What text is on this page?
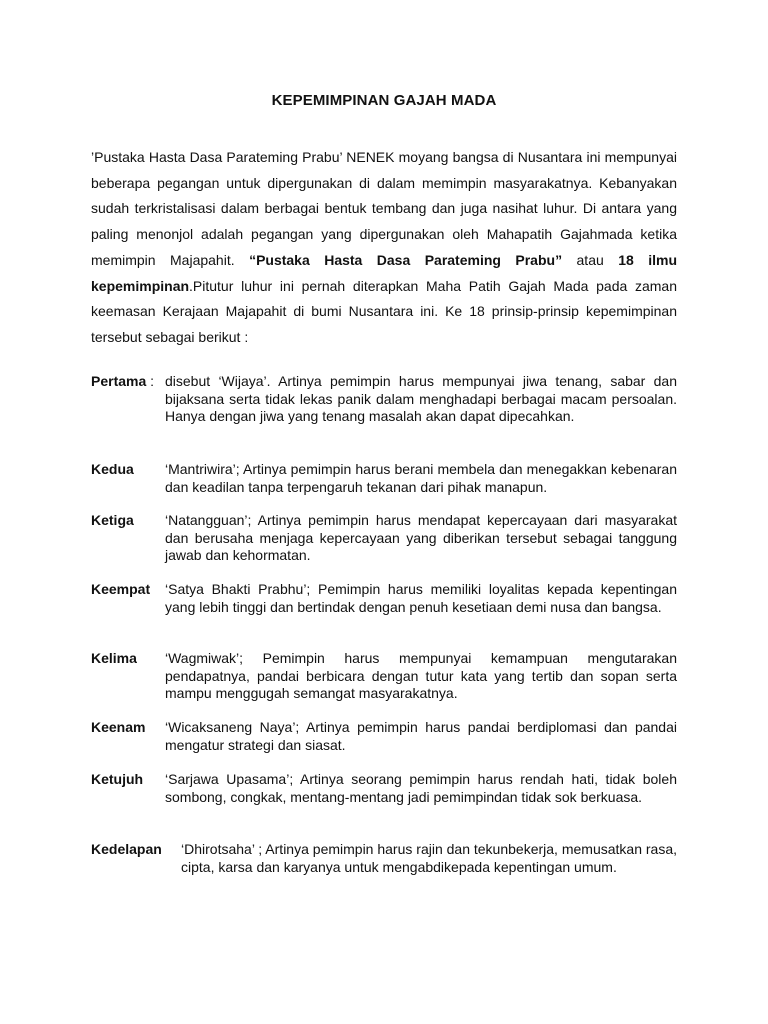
KEPEMIMPINAN GAJAH MADA

’Pustaka Hasta Dasa Parateming Prabu’ NENEK moyang bangsa di Nusantara ini mempunyai beberapa pegangan untuk dipergunakan di dalam memimpin masyarakatnya. Kebanyakan sudah terkristalisasi dalam berbagai bentuk tembang dan juga nasihat luhur. Di antara yang paling menonjol adalah pegangan yang dipergunakan oleh Mahapatih Gajahmada ketika memimpin Majapahit. “Pustaka Hasta Dasa Parateming Prabu” atau 18 ilmu kepemimpinan.Pitutur luhur ini pernah diterapkan Maha Patih Gajah Mada pada zaman keemasan Kerajaan Majapahit di bumi Nusantara ini. Ke 18 prinsip-prinsip kepemimpinan tersebut sebagai berikut :

Pertama : disebut ‘Wijaya’. Artinya pemimpin harus mempunyai jiwa tenang, sabar dan bijaksana serta tidak lekas panik dalam menghadapi berbagai macam persoalan. Hanya dengan jiwa yang tenang masalah akan dapat dipecahkan.

Kedua ‘Mantriwira’; Artinya pemimpin harus berani membela dan menegakkan kebenaran dan keadilan tanpa terpengaruh tekanan dari pihak manapun.

Ketiga ‘Natangguan’; Artinya pemimpin harus mendapat kepercayaan dari masyarakat dan berusaha menjaga kepercayaan yang diberikan tersebut sebagai tanggung jawab dan kehormatan.

Keempat ‘Satya Bhakti Prabhu’; Pemimpin harus memiliki loyalitas kepada kepentingan yang lebih tinggi dan bertindak dengan penuh kesetiaan demi nusa dan bangsa.

Kelima ‘Wagmiwak’; Pemimpin harus mempunyai kemampuan mengutarakan pendapatnya, pandai berbicara dengan tutur kata yang tertib dan sopan serta mampu menggugah semangat masyarakatnya.

Keenam ‘Wicaksaneng Naya’; Artinya pemimpin harus pandai berdiplomasi dan pandai mengatur strategi dan siasat.

Ketujuh ‘Sarjawa Upasama’; Artinya seorang pemimpin harus rendah hati, tidak boleh sombong, congkak, mentang-mentang jadi pemimpindan tidak sok berkuasa.

Kedelapan ‘Dhirotsaha’ ; Artinya pemimpin harus rajin dan tekunbekerja, memusatkan rasa, cipta, karsa dan karyanya untuk mengabdikepada kepentingan umum.
